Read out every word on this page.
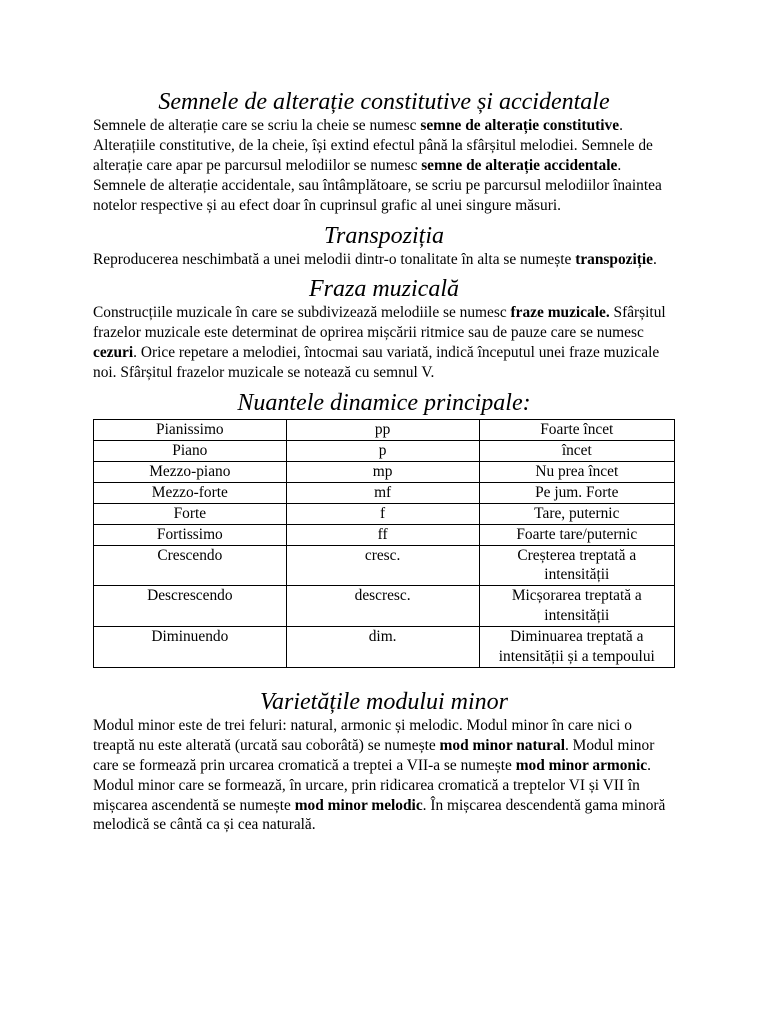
Semnele de alterație constitutive și accidentale

Semnele de alterație care se scriu la cheie se numesc semne de alterație constitutive. Alterațiile constitutive, de la cheie, își extind efectul până la sfârșitul melodiei. Semnele de alterație care apar pe parcursul melodiilor se numesc semne de alterație accidentale. Semnele de alterație accidentale, sau întâmplătoare, se scriu pe parcursul melodiilor înaintea notelor respective și au efect doar în cuprinsul grafic al unei singure măsuri.

Transpoziția

Reproducerea neschimbată a unei melodii dintr-o tonalitate în alta se numește transpoziție.

Fraza muzicală

Construcțiile muzicale în care se subdivizează melodiile se numesc fraze muzicale. Sfârșitul frazelor muzicale este determinat de oprirea mișcării ritmice sau de pauze care se numesc cezuri. Orice repetare a melodiei, întocmai sau variată, indică începutul unei fraze muzicale noi. Sfârșitul frazelor muzicale se notează cu semnul V.

Nuantele dinamice principale:
Pianissimo	pp	Foarte încet
Piano	p	încet
Mezzo-piano	mp	Nu prea încet
Mezzo-forte	mf	Pe jum. Forte
Forte	f	Tare, puternic
Fortissimo	ff	Foarte tare/puternic
Crescendo	cresc.	Creșterea treptată a intensității
Descrescendo	descresc.	Micșorarea treptată a intensității
Diminuendo	dim.	Diminuarea treptată a intensității și a tempoului
Varietățile modului minor

Modul minor este de trei feluri: natural, armonic și melodic. Modul minor în care nici o treaptă nu este alterată (urcată sau coborâtă) se numește mod minor natural. Modul minor care se formează prin urcarea cromatică a treptei a VII-a se numește mod minor armonic. Modul minor care se formează, în urcare, prin ridicarea cromatică a treptelor VI și VII în mișcarea ascendentă se numește mod minor melodic. În mișcarea descendentă gama minoră melodică se cântă ca și cea naturală.
